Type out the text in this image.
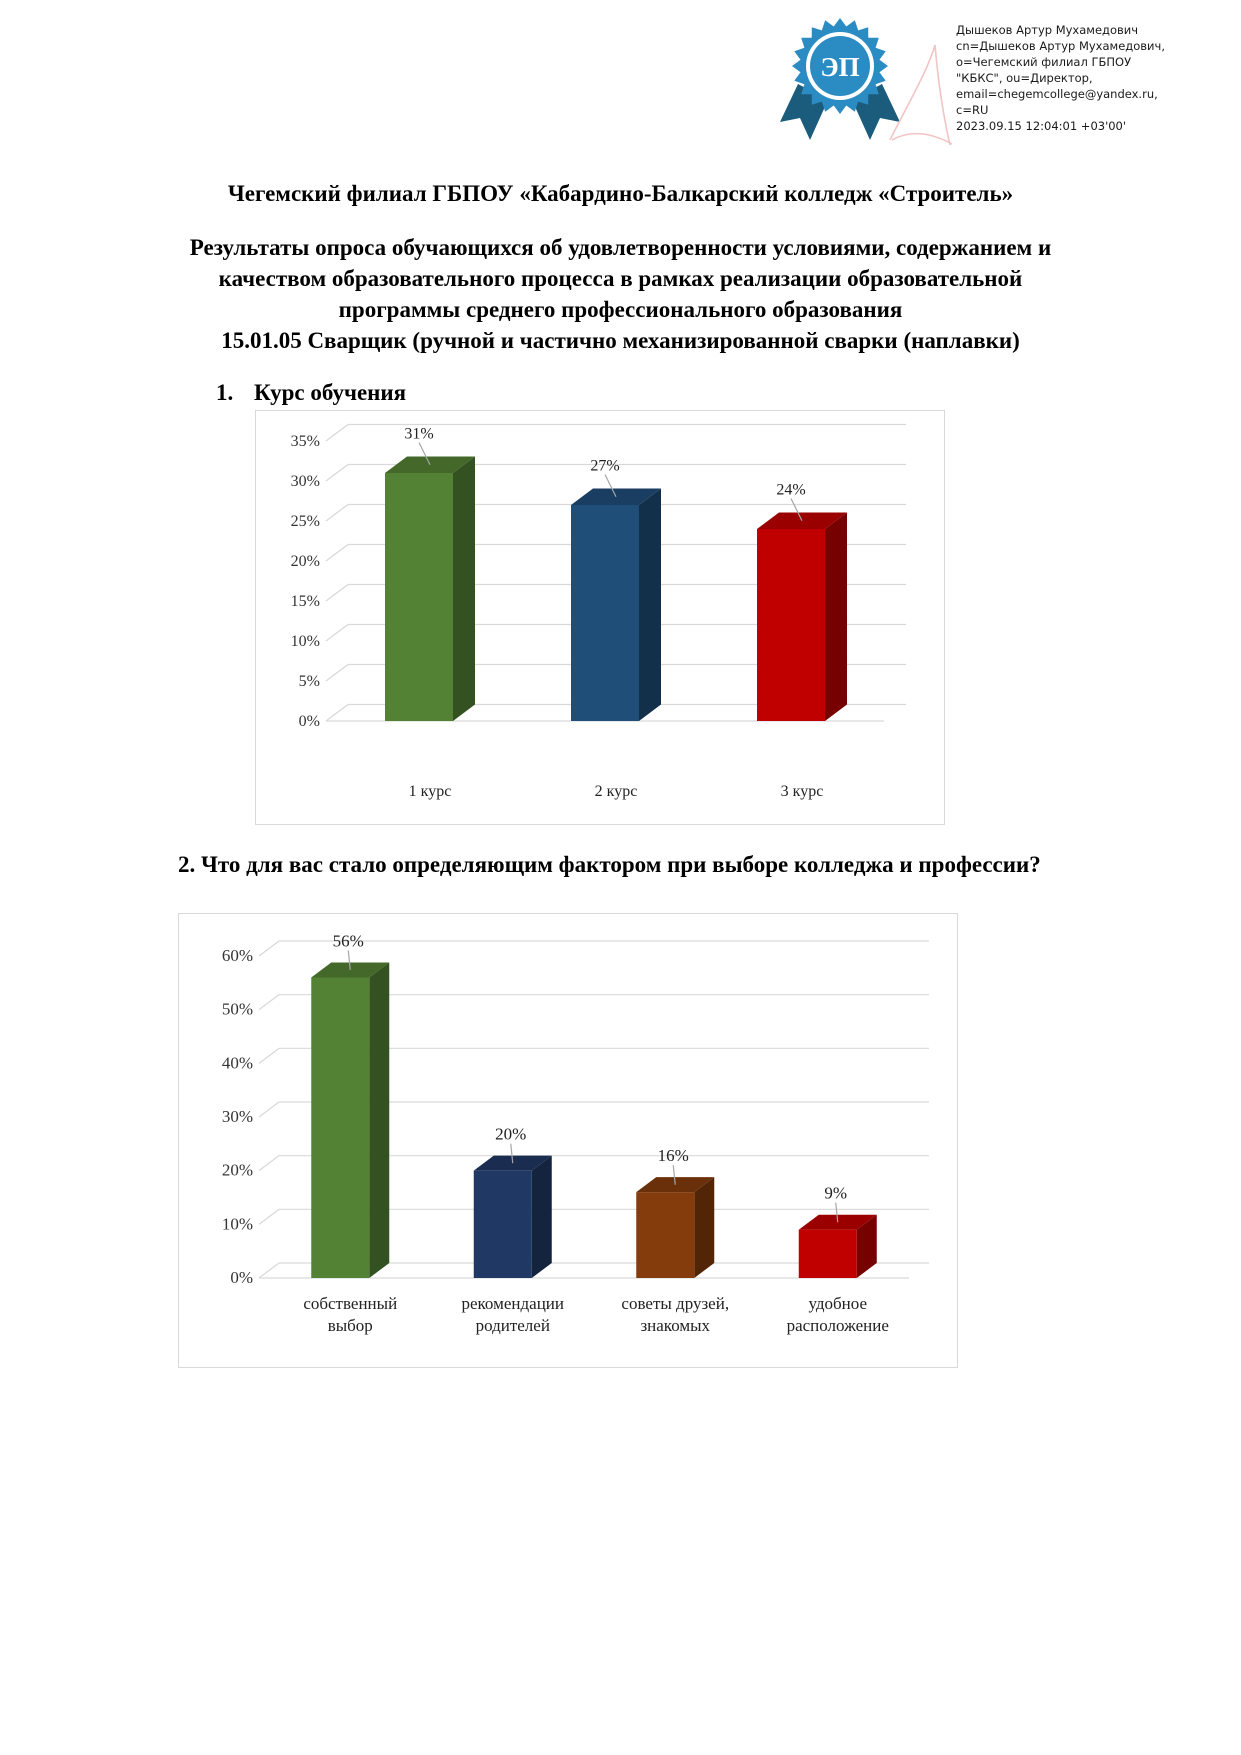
ЭП
Дышеков Артур Мухамедович
cn=Дышеков Артур Мухамедович,
o=Чегемский филиал ГБПОУ
"КБКС", ou=Директор,
email=chegemcollege@yandex.ru,
c=RU
2023.09.15 12:04:01 +03'00'
Чегемский филиал ГБПОУ «Кабардино-Балкарский колледж «Строитель»
Результаты опроса обучающихся об удовлетворенности условиями, содержанием и
качеством образовательного процесса в рамках реализации образовательной
программы среднего профессионального образования
15.01.05 Сварщик (ручной и частично механизированной сварки (наплавки)
1. Курс обучения
0%
5%
10%
15%
20%
25%
30%
35%	31%
1 курс
27%
2 курс
24%
3 курс
2. Что для вас стало определяющим фактором при выборе колледжа и профессии?
0%
10%
20%
30%
40%
50%
60%
56%
собственный
выбор
20%
рекомендации
родителей
16%
советы друзей,
знакомых
9%
удобное
расположение
